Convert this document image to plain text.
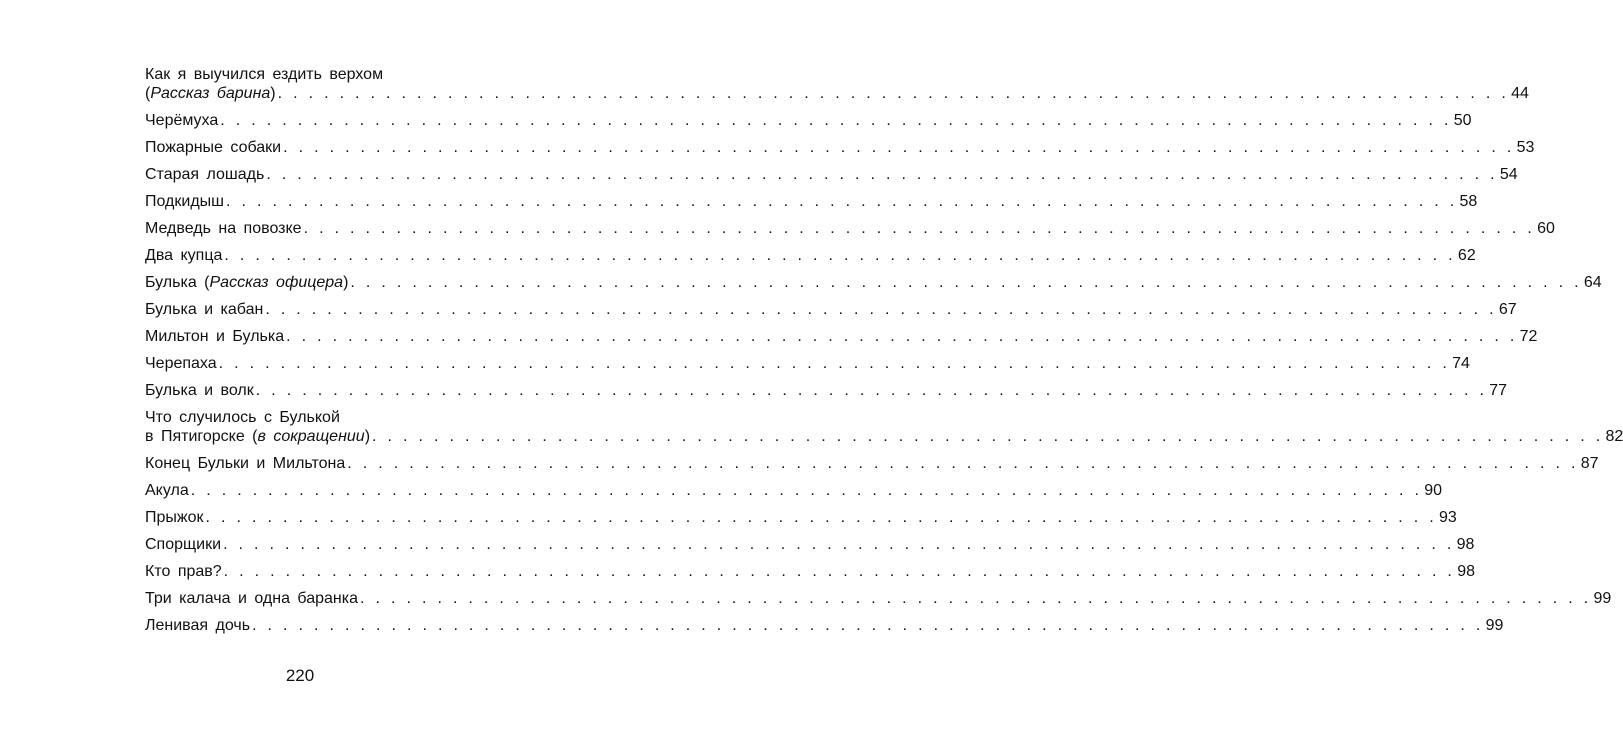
Как я выучился ездить верхом
(Рассказ барина) . . . . . . . . . . . . . . . . . . . . . . . . . . . . . . . . . . . . . . . . . . . . . . . . . . . . . . . . . . . . . . . . . . . . . . . . . . . . . . . . 44
Черёмуха . . . . . . . . . . . . . . . . . . . . . . . . . . . . . . . . . . . . . . . . . . . . . . . . . . . . . . . . . . . . . . . . . . . . . . . . . . . . . . . . 50
Пожарные собаки . . . . . . . . . . . . . . . . . . . . . . . . . . . . . . . . . . . . . . . . . . . . . . . . . . . . . . . . . . . . . . . . . . . . . . . . . . . . . . . . 53
Старая лошадь . . . . . . . . . . . . . . . . . . . . . . . . . . . . . . . . . . . . . . . . . . . . . . . . . . . . . . . . . . . . . . . . . . . . . . . . . . . . . . . . 54
Подкидыш . . . . . . . . . . . . . . . . . . . . . . . . . . . . . . . . . . . . . . . . . . . . . . . . . . . . . . . . . . . . . . . . . . . . . . . . . . . . . . . . 58
Медведь на повозке . . . . . . . . . . . . . . . . . . . . . . . . . . . . . . . . . . . . . . . . . . . . . . . . . . . . . . . . . . . . . . . . . . . . . . . . . . . . . . . . 60
Два купца . . . . . . . . . . . . . . . . . . . . . . . . . . . . . . . . . . . . . . . . . . . . . . . . . . . . . . . . . . . . . . . . . . . . . . . . . . . . . . . . 62
Булька (Рассказ офицера) . . . . . . . . . . . . . . . . . . . . . . . . . . . . . . . . . . . . . . . . . . . . . . . . . . . . . . . . . . . . . . . . . . . . . . . . . . . . . . . . 64
Булька и кабан . . . . . . . . . . . . . . . . . . . . . . . . . . . . . . . . . . . . . . . . . . . . . . . . . . . . . . . . . . . . . . . . . . . . . . . . . . . . . . . . 67
Мильтон и Булька . . . . . . . . . . . . . . . . . . . . . . . . . . . . . . . . . . . . . . . . . . . . . . . . . . . . . . . . . . . . . . . . . . . . . . . . . . . . . . . . 72
Черепаха . . . . . . . . . . . . . . . . . . . . . . . . . . . . . . . . . . . . . . . . . . . . . . . . . . . . . . . . . . . . . . . . . . . . . . . . . . . . . . . . 74
Булька и волк . . . . . . . . . . . . . . . . . . . . . . . . . . . . . . . . . . . . . . . . . . . . . . . . . . . . . . . . . . . . . . . . . . . . . . . . . . . . . . . . 77
Что случилось с Булькой
в Пятигорске (в сокращении) . . . . . . . . . . . . . . . . . . . . . . . . . . . . . . . . . . . . . . . . . . . . . . . . . . . . . . . . . . . . . . . . . . . . . . . . . . . . . . . . 82
Конец Бульки и Мильтона . . . . . . . . . . . . . . . . . . . . . . . . . . . . . . . . . . . . . . . . . . . . . . . . . . . . . . . . . . . . . . . . . . . . . . . . . . . . . . . . 87
Акула . . . . . . . . . . . . . . . . . . . . . . . . . . . . . . . . . . . . . . . . . . . . . . . . . . . . . . . . . . . . . . . . . . . . . . . . . . . . . . . . 90
Прыжок . . . . . . . . . . . . . . . . . . . . . . . . . . . . . . . . . . . . . . . . . . . . . . . . . . . . . . . . . . . . . . . . . . . . . . . . . . . . . . . . 93
Спорщики . . . . . . . . . . . . . . . . . . . . . . . . . . . . . . . . . . . . . . . . . . . . . . . . . . . . . . . . . . . . . . . . . . . . . . . . . . . . . . . . 98
Кто прав? . . . . . . . . . . . . . . . . . . . . . . . . . . . . . . . . . . . . . . . . . . . . . . . . . . . . . . . . . . . . . . . . . . . . . . . . . . . . . . . . 98
Три калача и одна баранка . . . . . . . . . . . . . . . . . . . . . . . . . . . . . . . . . . . . . . . . . . . . . . . . . . . . . . . . . . . . . . . . . . . . . . . . . . . . . . . . 99
Ленивая дочь . . . . . . . . . . . . . . . . . . . . . . . . . . . . . . . . . . . . . . . . . . . . . . . . . . . . . . . . . . . . . . . . . . . . . . . . . . . . . . . . 99
220
